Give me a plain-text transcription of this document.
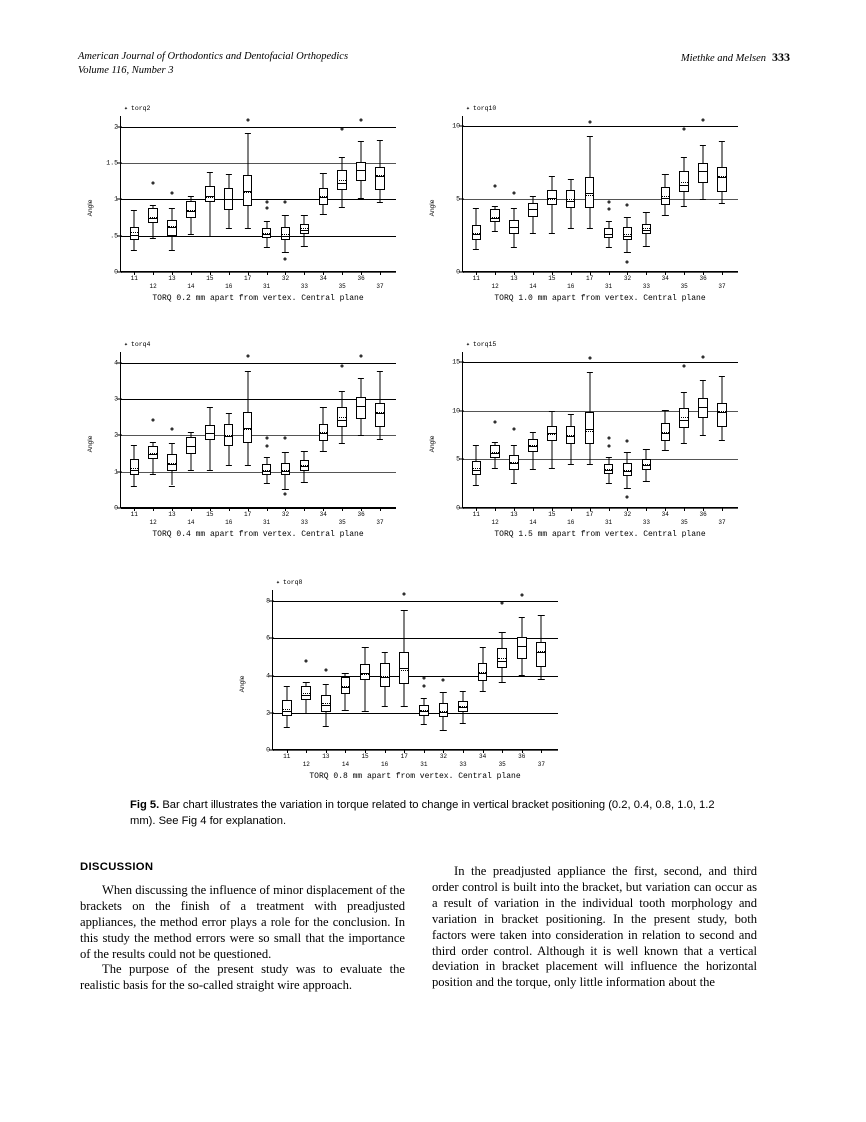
American Journal of Orthodontics and Dentofacial Orthopedics
Volume 116, Number 3
Miethke and Melsen 333
Angle
✦ torq2
0
.5
1
1.5
2
11
12
13
14
15
16
17
31
32
33
34
35
36
37
TORQ 0.2 mm apart from vertex. Central plane
Angle
✦ torq10
0
5
10
11
12
13
14
15
16
17
31
32
33
34
35
36
37
TORQ 1.0 mm apart from vertex. Central plane
Angle
✦ torq4
0
1
2
3
4
11
12
13
14
15
16
17
31
32
33
34
35
36
37
TORQ 0.4 mm apart from vertex. Central plane
Angle
✦ torq15
0
5
10
15
11
12
13
14
15
16
17
31
32
33
34
35
36
37
TORQ 1.5 mm apart from vertex. Central plane
Angle
✦ torq8
0
2
4
6
8
11
12
13
14
15
16
17
31
32
33
34
35
36
37
TORQ 0.8 mm apart from vertex. Central plane
Fig 5. Bar chart illustrates the variation in torque related to change in vertical bracket positioning (0.2, 0.4, 0.8, 1.0, 1.2 mm). See Fig 4 for explanation.
DISCUSSION

When discussing the influence of minor displacement of the brackets on the finish of a treatment with preadjusted appliances, the method error plays a role for the conclusion. In this study the method errors were so small that the importance of the results could not be questioned.

The purpose of the present study was to evaluate the realistic basis for the so-called straight wire approach.

In the preadjusted appliance the first, second, and third order control is built into the bracket, but variation can occur as a result of variation in the individual tooth morphology and variation in bracket positioning. In the present study, both factors were taken into consideration in relation to second and third order control. Although it is well known that a vertical deviation in bracket placement will influence the horizontal position and the torque, only little information about the
